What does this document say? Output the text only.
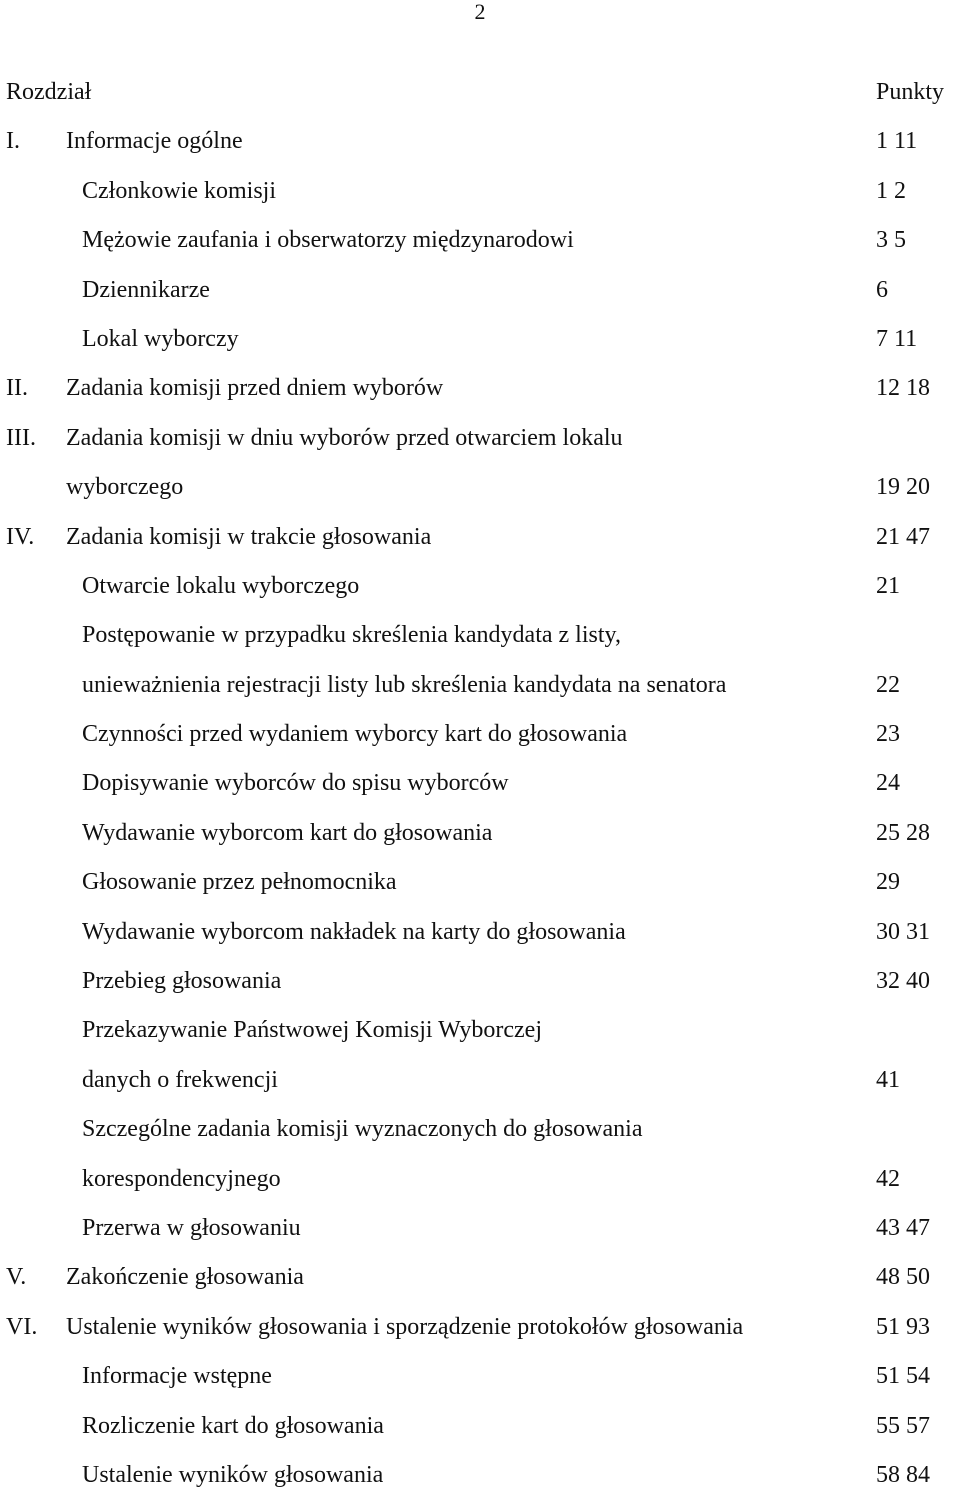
2
Rozdział	Punkty
I. Informacje ogólne	1 11
Członkowie komisji	1 2
Mężowie zaufania i obserwatorzy międzynarodowi	3 5
Dziennikarze	6
Lokal wyborczy	7 11
II. Zadania komisji przed dniem wyborów	12 18
III. Zadania komisji w dniu wyborów przed otwarciem lokalu
wyborczego	19 20
IV. Zadania komisji w trakcie głosowania	21 47
Otwarcie lokalu wyborczego	21
Postępowanie w przypadku skreślenia kandydata z listy,
unieważnienia rejestracji listy lub skreślenia kandydata na senatora	22
Czynności przed wydaniem wyborcy kart do głosowania	23
Dopisywanie wyborców do spisu wyborców	24
Wydawanie wyborcom kart do głosowania	25 28
Głosowanie przez pełnomocnika	29
Wydawanie wyborcom nakładek na karty do głosowania	30 31
Przebieg głosowania	32 40
Przekazywanie Państwowej Komisji Wyborczej
danych o frekwencji	41
Szczególne zadania komisji wyznaczonych do głosowania
korespondencyjnego	42
Przerwa w głosowaniu	43 47
V. Zakończenie głosowania	48 50
VI. Ustalenie wyników głosowania i sporządzenie protokołów głosowania	51 93
Informacje wstępne	51 54
Rozliczenie kart do głosowania	55 57
Ustalenie wyników głosowania	58 84
